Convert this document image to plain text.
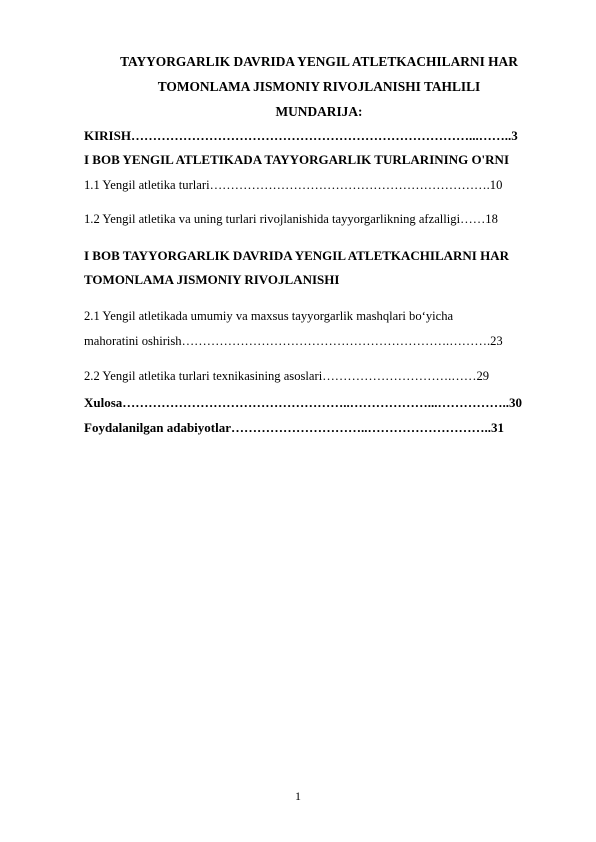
TAYYORGARLIK DAVRIDA YENGIL ATLETKACHILARNI HAR
TOMONLAMA JISMONIY RIVOJLANISHI TAHLILI
MUNDARIJA:
KIRISH……………………………………………………………………...……..3
I BOB YENGIL ATLETIKADA TAYYORGARLIK TURLARINING O'RNI
1.1 Yengil atletika turlari………………………………………………………….10
1.2 Yengil atletika va uning turlari rivojlanishida tayyorgarlikning afzalligi……18
I BOB TAYYORGARLIK DAVRIDA YENGIL ATLETKACHILARNI HAR
TOMONLAMA JISMONIY RIVOJLANISHI
2.1 Yengil atletikada umumiy va maxsus tayyorgarlik mashqlari bo‘yicha
mahoratini oshirish……………………………………………………….……….23
2.2 Yengil atletika turlari texnikasining asoslari………………………….……29
Xulosa……………………………………………..………………...……………..30
Foydalanilgan adabiyotlar…………………………..………………………..31
1
